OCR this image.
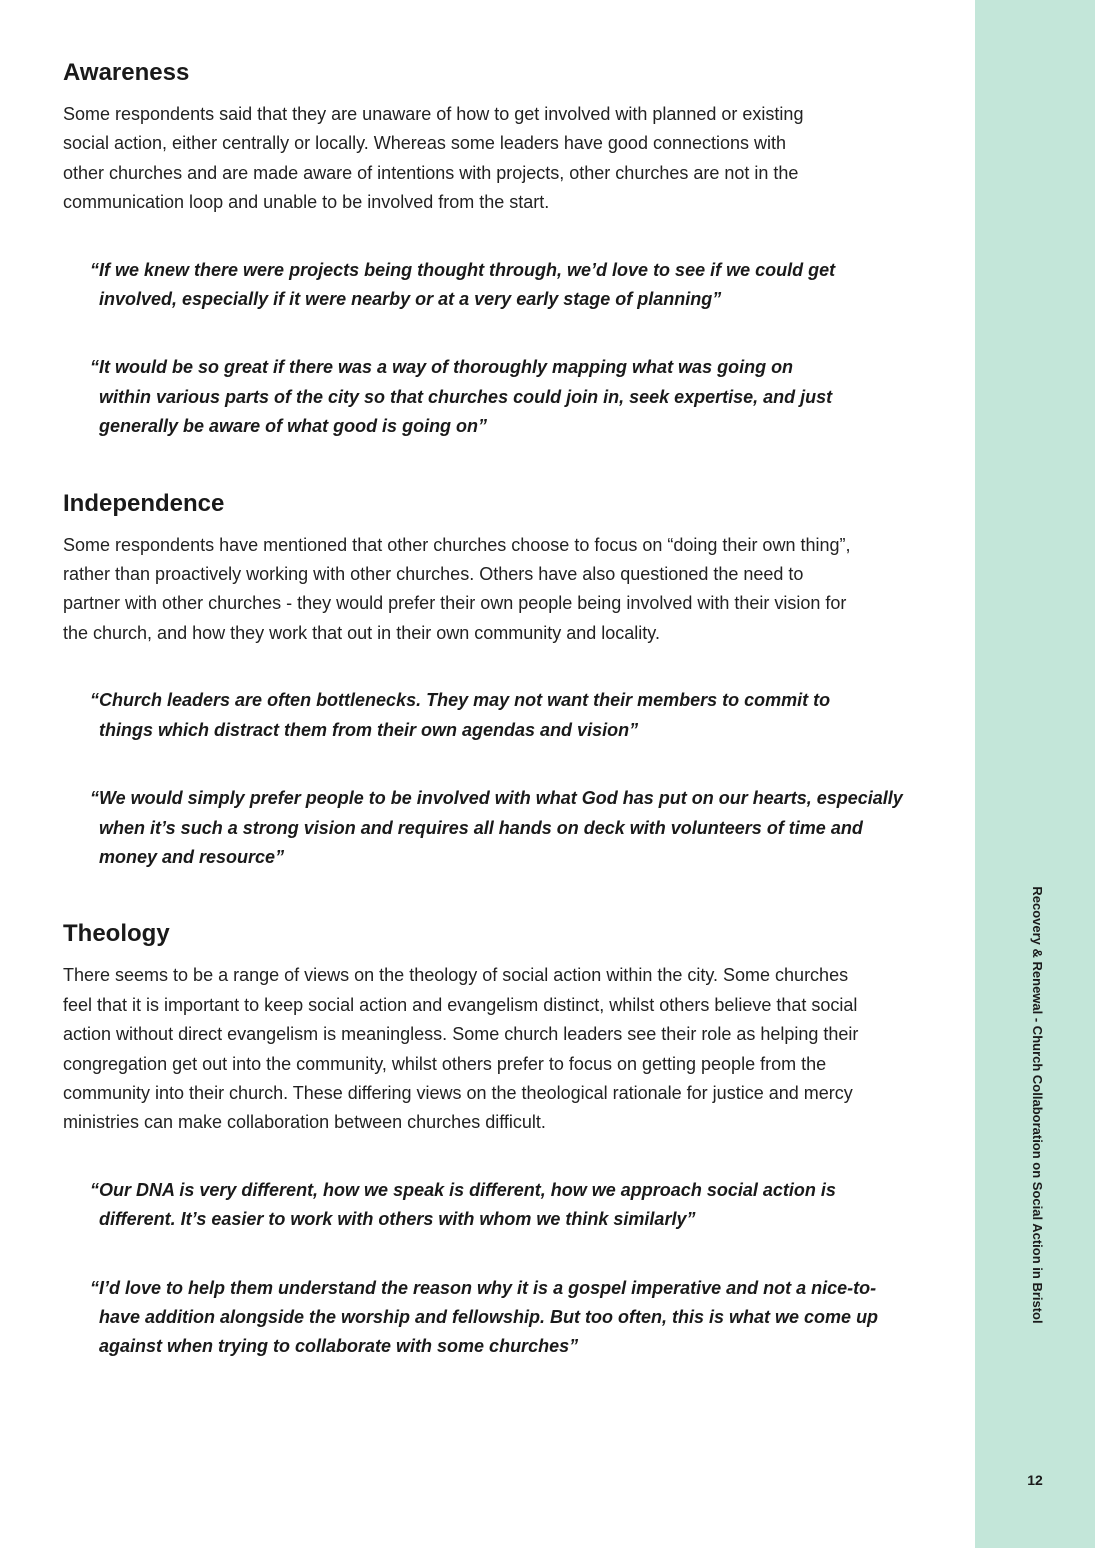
Recovery & Renewal - Church Collaboration on Social Action in Bristol
12
Awareness

Some respondents said that they are unaware of how to get involved with planned or existing social action, either centrally or locally. Whereas some leaders have good connections with other churches and are made aware of intentions with projects, other churches are not in the communication loop and unable to be involved from the start.

“If we knew there were projects being thought through, we’d love to see if we could get involved, especially if it were nearby or at a very early stage of planning”

“It would be so great if there was a way of thoroughly mapping what was going on within various parts of the city so that churches could join in, seek expertise, and just generally be aware of what good is going on”

Independence

Some respondents have mentioned that other churches choose to focus on “doing their own thing”, rather than proactively working with other churches. Others have also questioned the need to partner with other churches - they would prefer their own people being involved with their vision for the church, and how they work that out in their own community and locality.

“Church leaders are often bottlenecks. They may not want their members to commit to things which distract them from their own agendas and vision”

“We would simply prefer people to be involved with what God has put on our hearts, especially when it’s such a strong vision and requires all hands on deck with volunteers of time and money and resource”

Theology

There seems to be a range of views on the theology of social action within the city. Some churches feel that it is important to keep social action and evangelism distinct, whilst others believe that social action without direct evangelism is meaningless. Some church leaders see their role as helping their congregation get out into the community, whilst others prefer to focus on getting people from the community into their church. These differing views on the theological rationale for justice and mercy ministries can make collaboration between churches difficult.

“Our DNA is very different, how we speak is different, how we approach social action is different. It’s easier to work with others with whom we think similarly”

“I’d love to help them understand the reason why it is a gospel imperative and not a nice-to-have addition alongside the worship and fellowship. But too often, this is what we come up against when trying to collaborate with some churches”
